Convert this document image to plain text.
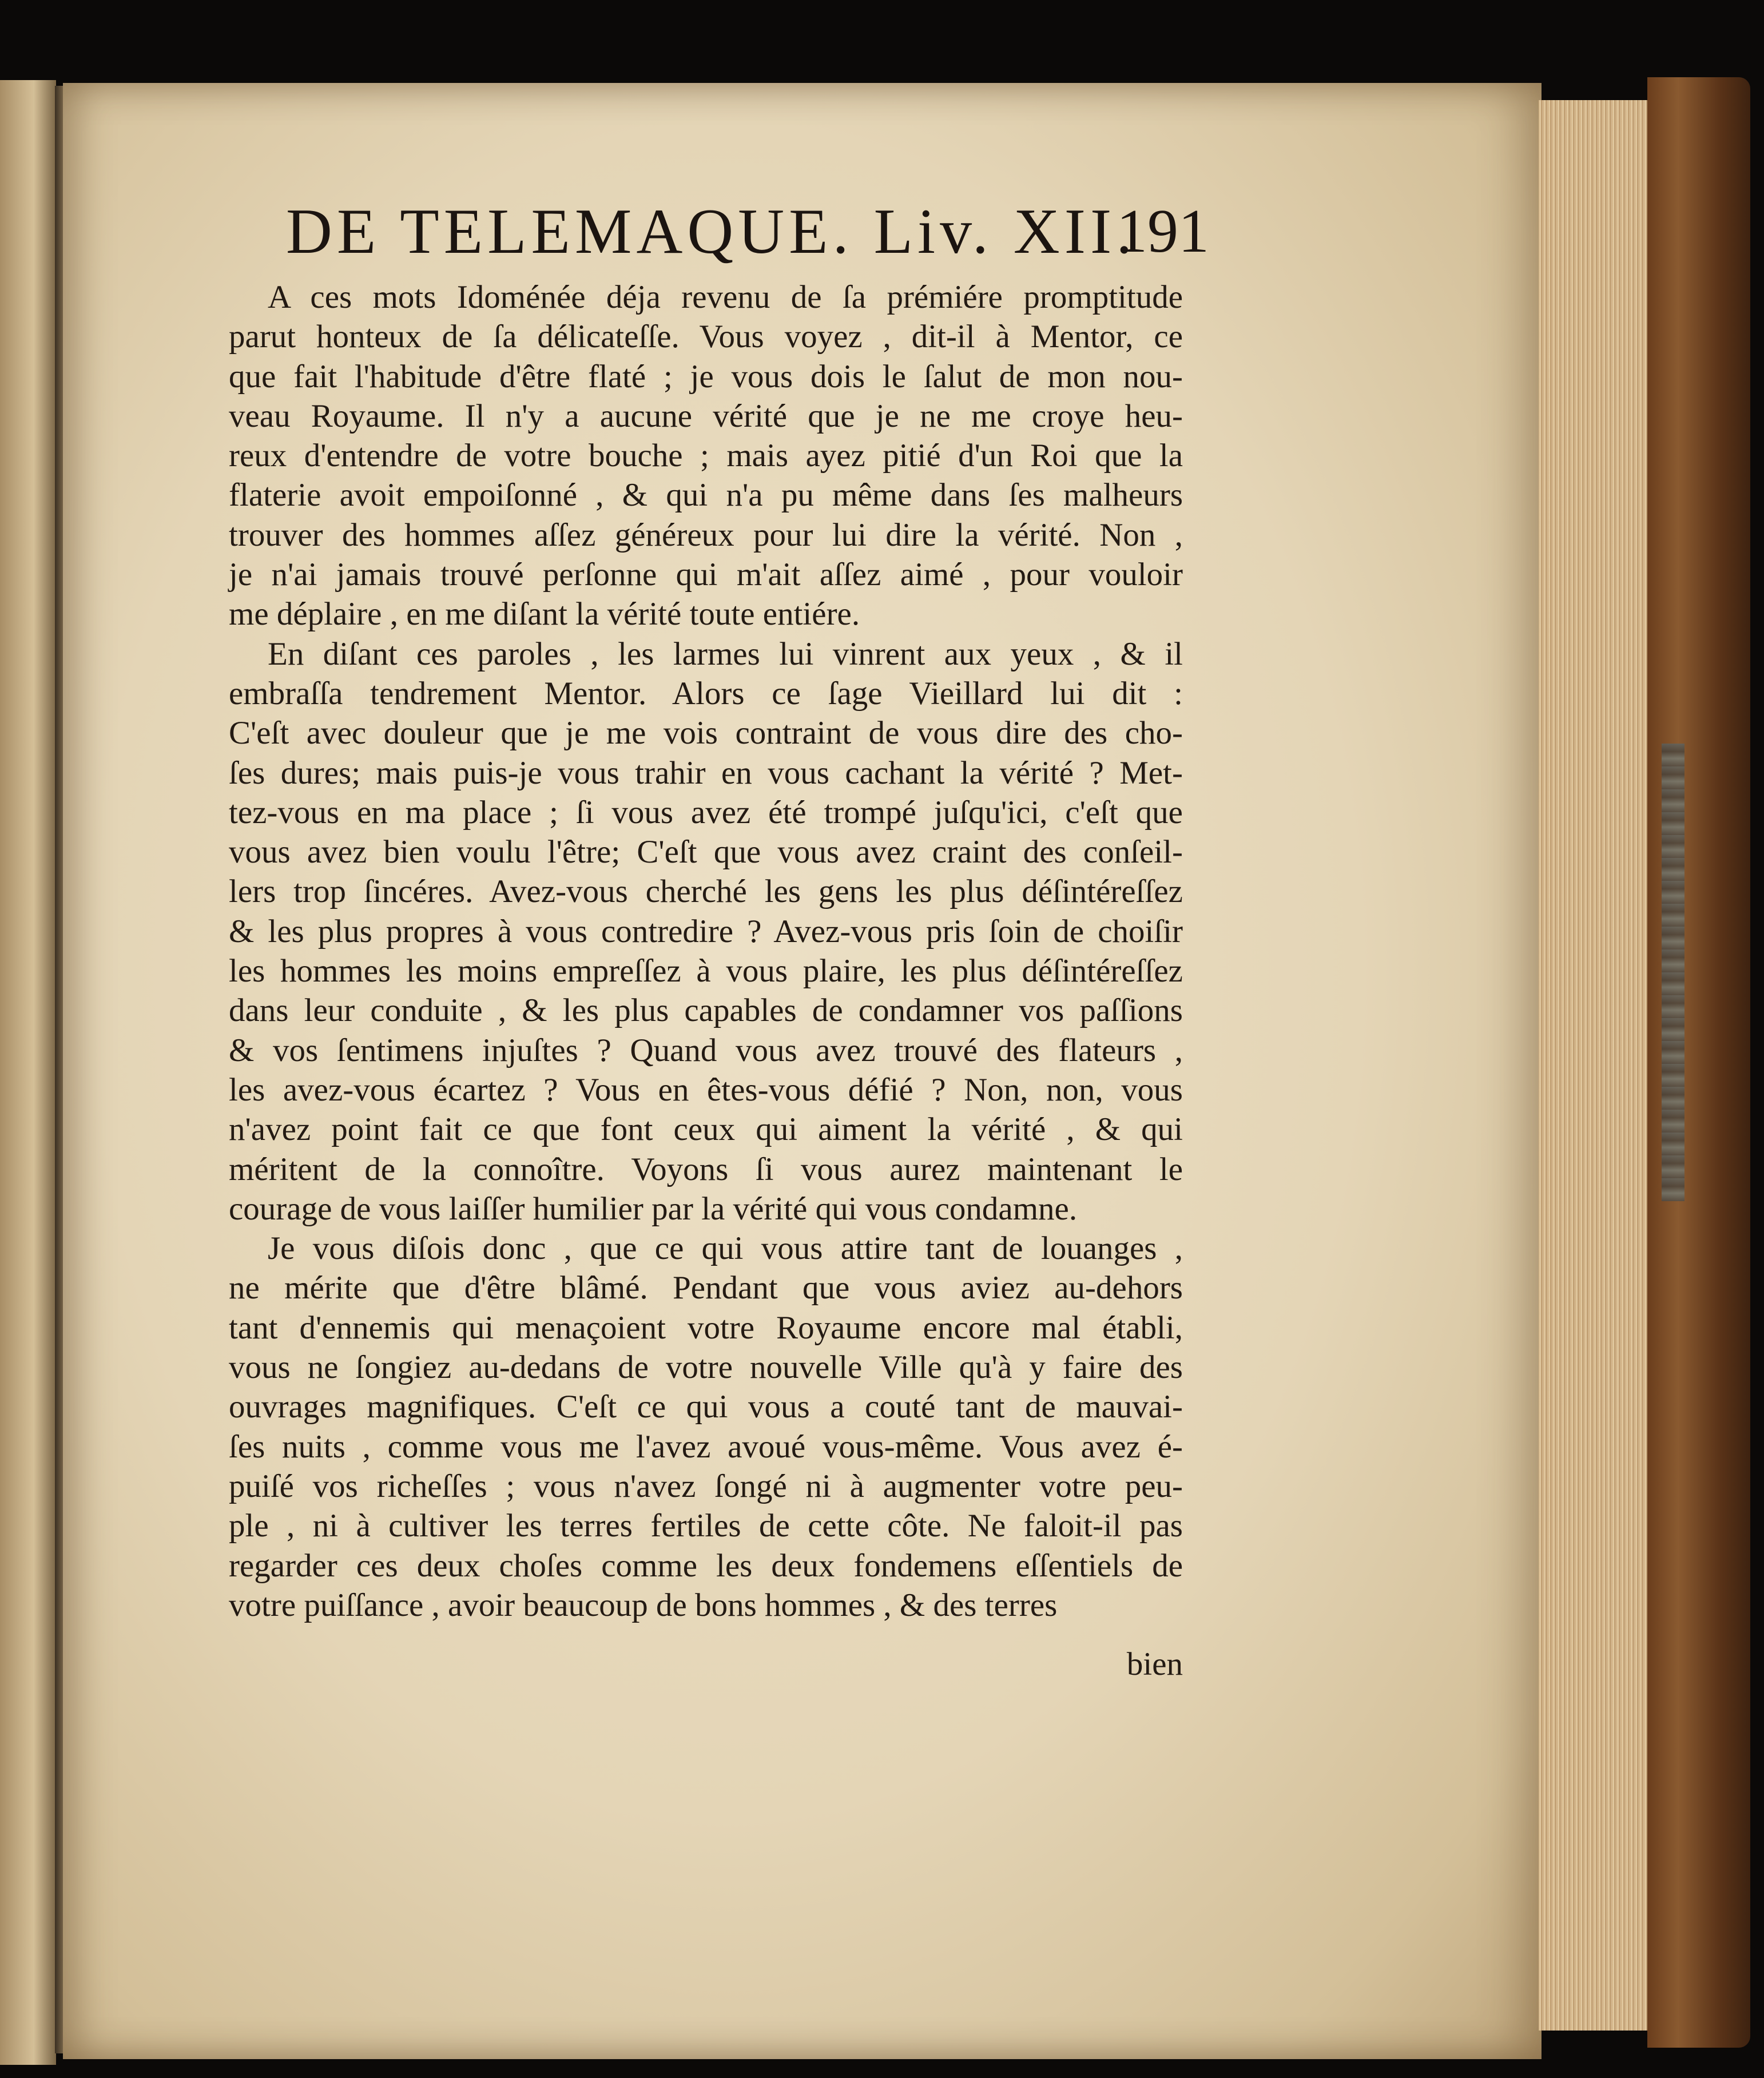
DE TELEMAQUE. Liv. XII.
191
A ces mots Idoménée déja revenu de ſa prémiére promptitude
parut honteux de ſa délicateſſe. Vous voyez , dit-il à Mentor, ce
que fait l'habitude d'être flaté ; je vous dois le ſalut de mon nou-
veau Royaume. Il n'y a aucune vérité que je ne me croye heu-
reux d'entendre de votre bouche ; mais ayez pitié d'un Roi que la
flaterie avoit empoiſonné , & qui n'a pu même dans ſes malheurs
trouver des hommes aſſez généreux pour lui dire la vérité. Non ,
je n'ai jamais trouvé perſonne qui m'ait aſſez aimé , pour vouloir
me déplaire , en me diſant la vérité toute entiére.
En diſant ces paroles , les larmes lui vinrent aux yeux , & il
embraſſa tendrement Mentor. Alors ce ſage Vieillard lui dit :
C'eſt avec douleur que je me vois contraint de vous dire des cho-
ſes dures; mais puis-je vous trahir en vous cachant la vérité ? Met-
tez-vous en ma place ; ſi vous avez été trompé juſqu'ici, c'eſt que
vous avez bien voulu l'être; C'eſt que vous avez craint des conſeil-
lers trop ſincéres. Avez-vous cherché les gens les plus déſintéreſſez
& les plus propres à vous contredire ? Avez-vous pris ſoin de choiſir
les hommes les moins empreſſez à vous plaire, les plus déſintéreſſez
dans leur conduite , & les plus capables de condamner vos paſſions
& vos ſentimens injuſtes ? Quand vous avez trouvé des flateurs ,
les avez-vous écartez ? Vous en êtes-vous défié ? Non, non, vous
n'avez point fait ce que font ceux qui aiment la vérité , & qui
méritent de la connoître. Voyons ſi vous aurez maintenant le
courage de vous laiſſer humilier par la vérité qui vous condamne.
Je vous diſois donc , que ce qui vous attire tant de louanges ,
ne mérite que d'être blâmé. Pendant que vous aviez au-dehors
tant d'ennemis qui menaçoient votre Royaume encore mal établi,
vous ne ſongiez au-dedans de votre nouvelle Ville qu'à y faire des
ouvrages magnifiques. C'eſt ce qui vous a couté tant de mauvai-
ſes nuits , comme vous me l'avez avoué vous-même. Vous avez é-
puiſé vos richeſſes ; vous n'avez ſongé ni à augmenter votre peu-
ple , ni à cultiver les terres fertiles de cette côte. Ne faloit-il pas
regarder ces deux choſes comme les deux fondemens eſſentiels de
votre puiſſance , avoir beaucoup de bons hommes , & des terres
bien
